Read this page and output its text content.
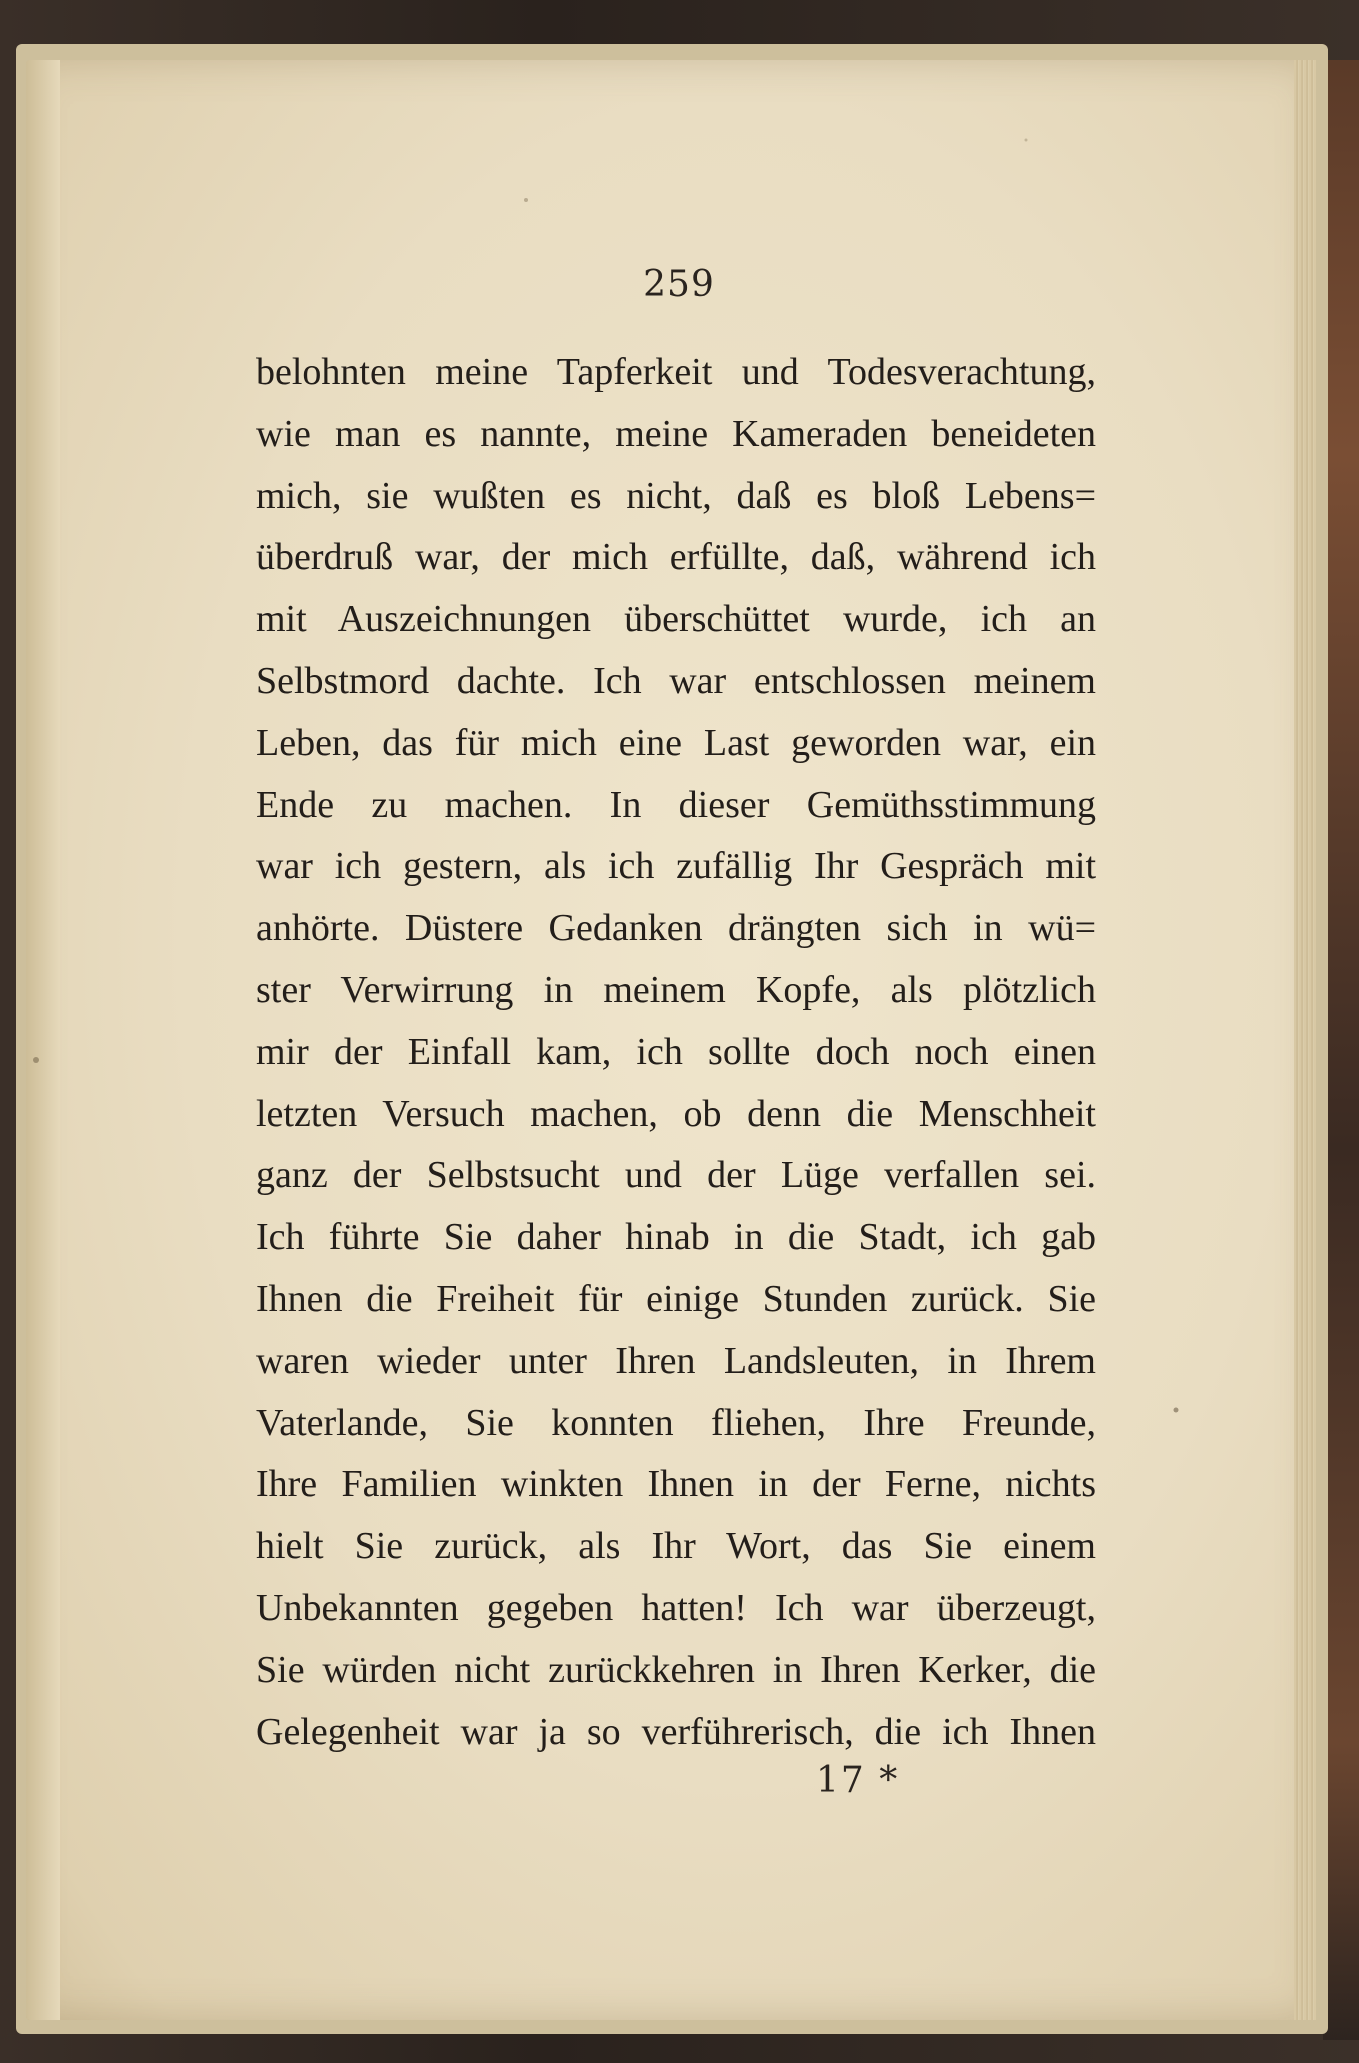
259
belohnten meine Tapferkeit und Todesverachtung,
wie man es nannte, meine Kameraden beneideten
mich, sie wußten es nicht, daß es bloß Lebens=
überdruß war, der mich erfüllte, daß, während ich
mit Auszeichnungen überschüttet wurde, ich an
Selbstmord dachte. Ich war entschlossen meinem
Leben, das für mich eine Last geworden war, ein
Ende zu machen. In dieser Gemüthsstimmung
war ich gestern, als ich zufällig Ihr Gespräch mit
anhörte. Düstere Gedanken drängten sich in wü=
ster Verwirrung in meinem Kopfe, als plötzlich
mir der Einfall kam, ich sollte doch noch einen
letzten Versuch machen, ob denn die Menschheit
ganz der Selbstsucht und der Lüge verfallen sei.
Ich führte Sie daher hinab in die Stadt, ich gab
Ihnen die Freiheit für einige Stunden zurück. Sie
waren wieder unter Ihren Landsleuten, in Ihrem
Vaterlande, Sie konnten fliehen, Ihre Freunde,
Ihre Familien winkten Ihnen in der Ferne, nichts
hielt Sie zurück, als Ihr Wort, das Sie einem
Unbekannten gegeben hatten! Ich war überzeugt,
Sie würden nicht zurückkehren in Ihren Kerker, die
Gelegenheit war ja so verführerisch, die ich Ihnen
17 *
